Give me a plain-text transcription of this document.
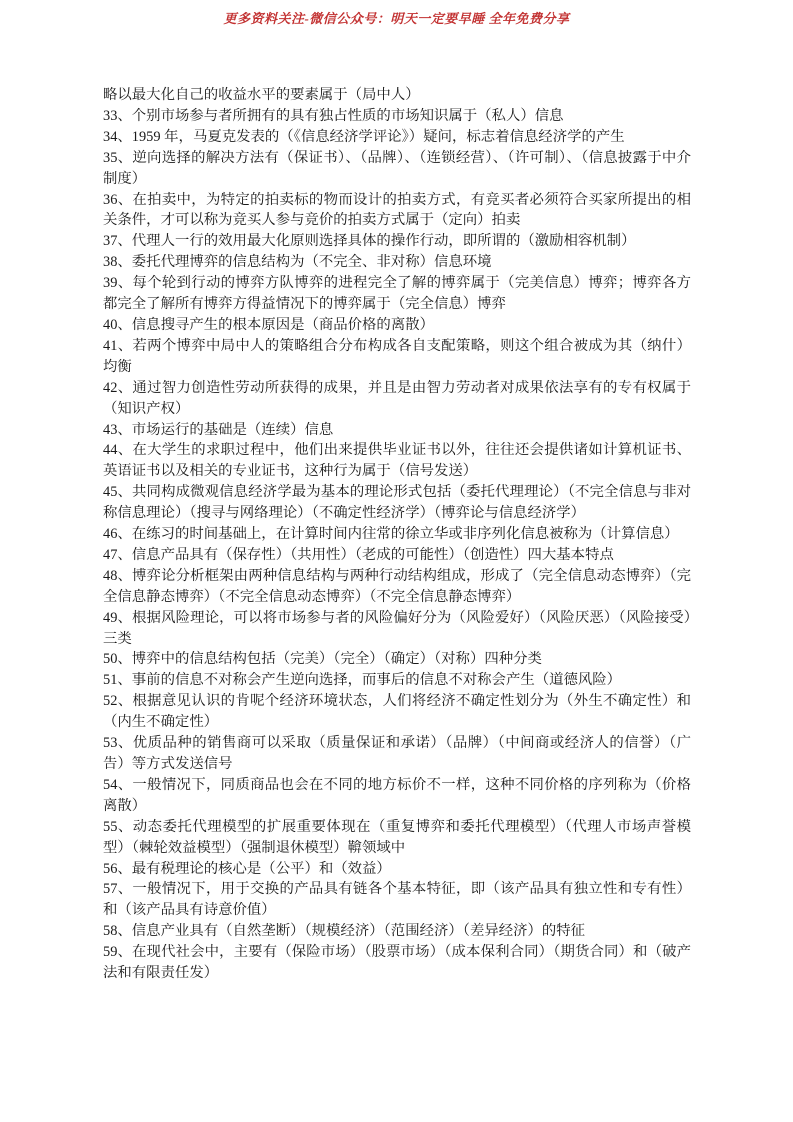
更多资料关注-微信公众号：明天一定要早睡 全年免费分享

略以最大化自己的收益水平的要素属于（局中人）

33、个别市场参与者所拥有的具有独占性质的市场知识属于（私人）信息

34、1959 年，马夏克发表的（《信息经济学评论》）疑问，标志着信息经济学的产生

35、逆向选择的解决方法有（保证书）、（品牌）、（连锁经营）、（许可制）、（信息披露于中介制度）

36、在拍卖中，为特定的拍卖标的物而设计的拍卖方式，有竞买者必须符合买家所提出的相关条件，才可以称为竞买人参与竞价的拍卖方式属于（定向）拍卖

37、代理人一行的效用最大化原则选择具体的操作行动，即所谓的（激励相容机制）

38、委托代理博弈的信息结构为（不完全、非对称）信息环境

39、每个轮到行动的博弈方队博弈的进程完全了解的博弈属于（完美信息）博弈；博弈各方都完全了解所有博弈方得益情况下的博弈属于（完全信息）博弈

40、信息搜寻产生的根本原因是（商品价格的离散）

41、若两个博弈中局中人的策略组合分布构成各自支配策略，则这个组合被成为其（纳什）均衡

42、通过智力创造性劳动所获得的成果，并且是由智力劳动者对成果依法享有的专有权属于（知识产权）

43、市场运行的基础是（连续）信息

44、在大学生的求职过程中，他们出来提供毕业证书以外，往往还会提供诸如计算机证书、英语证书以及相关的专业证书，这种行为属于（信号发送）

45、共同构成微观信息经济学最为基本的理论形式包括（委托代理理论）（不完全信息与非对称信息理论）（搜寻与网络理论）（不确定性经济学）（博弈论与信息经济学）

46、在练习的时间基础上，在计算时间内往常的徐立华或非序列化信息被称为（计算信息）

47、信息产品具有（保存性）（共用性）（老成的可能性）（创造性）四大基本特点

48、博弈论分析框架由两种信息结构与两种行动结构组成，形成了（完全信息动态博弈）（完全信息静态博弈）（不完全信息动态博弈）（不完全信息静态博弈）

49、根据风险理论，可以将市场参与者的风险偏好分为（风险爱好）（风险厌恶）（风险接受）三类

50、博弈中的信息结构包括（完美）（完全）（确定）（对称）四种分类

51、事前的信息不对称会产生逆向选择，而事后的信息不对称会产生（道德风险）

52、根据意见认识的肯呢个经济环境状态，人们将经济不确定性划分为（外生不确定性）和（内生不确定性）

53、优质品种的销售商可以采取（质量保证和承诺）（品牌）（中间商或经济人的信誉）（广告）等方式发送信号

54、一般情况下，同质商品也会在不同的地方标价不一样，这种不同价格的序列称为（价格离散）

55、动态委托代理模型的扩展重要体现在（重复博弈和委托代理模型）（代理人市场声誉模型）（棘轮效益模型）（强制退休模型）鞥领域中

56、最有税理论的核心是（公平）和（效益）

57、一般情况下，用于交换的产品具有链各个基本特征，即（该产品具有独立性和专有性）和（该产品具有诗意价值）

58、信息产业具有（自然垄断）（规模经济）（范围经济）（差异经济）的特征

59、在现代社会中，主要有（保险市场）（股票市场）（成本保利合同）（期货合同）和（破产法和有限责任发）
